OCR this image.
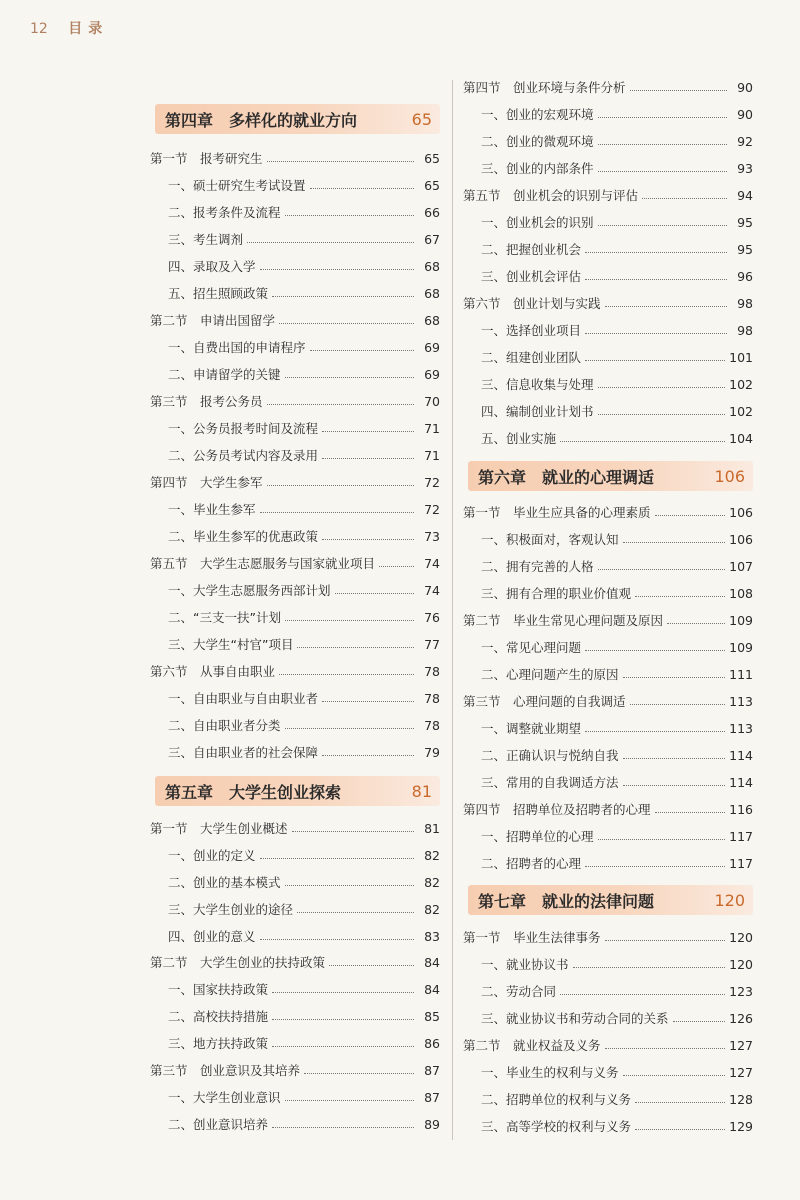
12 目录
第四章　多样化的就业方向	65
第一节　报考研究生	65
一、硕士研究生考试设置	65
二、报考条件及流程	66
三、考生调剂	67
四、录取及入学	68
五、招生照顾政策	68
第二节　申请出国留学	68
一、自费出国的申请程序	69
二、申请留学的关键	69
第三节　报考公务员	70
一、公务员报考时间及流程	71
二、公务员考试内容及录用	71
第四节　大学生参军	72
一、毕业生参军	72
二、毕业生参军的优惠政策	73
第五节　大学生志愿服务与国家就业项目	74
一、大学生志愿服务西部计划	74
二、“三支一扶”计划	76
三、大学生“村官”项目	77
第六节　从事自由职业	78
一、自由职业与自由职业者	78
二、自由职业者分类	78
三、自由职业者的社会保障	79
第五章　大学生创业探索	81
第一节　大学生创业概述	81
一、创业的定义	82
二、创业的基本模式	82
三、大学生创业的途径	82
四、创业的意义	83
第二节　大学生创业的扶持政策	84
一、国家扶持政策	84
二、高校扶持措施	85
三、地方扶持政策	86
第三节　创业意识及其培养	87
一、大学生创业意识	87
二、创业意识培养	89
第四节　创业环境与条件分析	90
一、创业的宏观环境	90
二、创业的微观环境	92
三、创业的内部条件	93
第五节　创业机会的识别与评估	94
一、创业机会的识别	95
二、把握创业机会	95
三、创业机会评估	96
第六节　创业计划与实践	98
一、选择创业项目	98
二、组建创业团队	101
三、信息收集与处理	102
四、编制创业计划书	102
五、创业实施	104
第六章　就业的心理调适	106
第一节　毕业生应具备的心理素质	106
一、积极面对，客观认知	106
二、拥有完善的人格	107
三、拥有合理的职业价值观	108
第二节　毕业生常见心理问题及原因	109
一、常见心理问题	109
二、心理问题产生的原因	111
第三节　心理问题的自我调适	113
一、调整就业期望	113
二、正确认识与悦纳自我	114
三、常用的自我调适方法	114
第四节　招聘单位及招聘者的心理	116
一、招聘单位的心理	117
二、招聘者的心理	117
第七章　就业的法律问题	120
第一节　毕业生法律事务	120
一、就业协议书	120
二、劳动合同	123
三、就业协议书和劳动合同的关系	126
第二节　就业权益及义务	127
一、毕业生的权利与义务	127
二、招聘单位的权利与义务	128
三、高等学校的权利与义务	129
